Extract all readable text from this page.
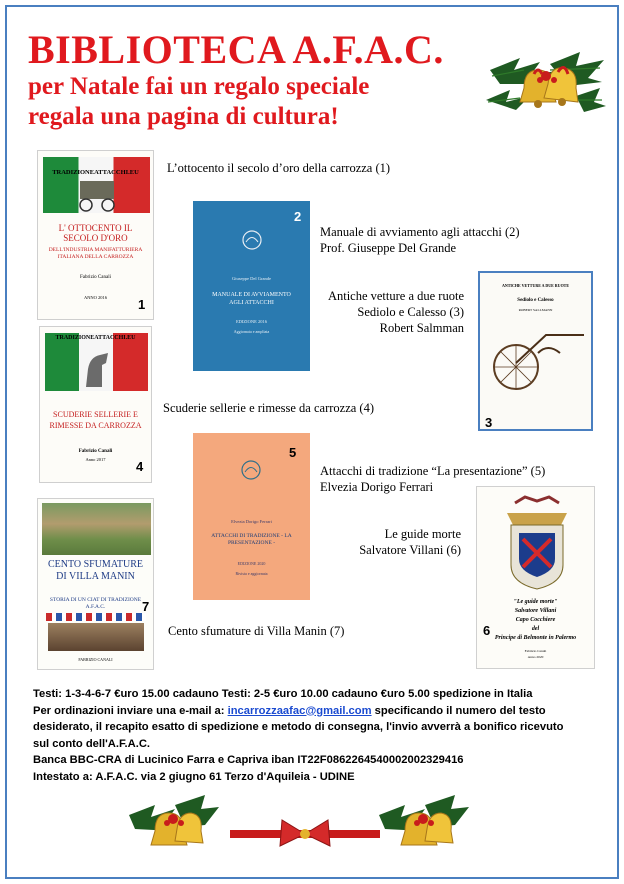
BIBLIOTECA A.F.A.C.
per Natale fai un regalo speciale
regala una pagina di cultura!
TRADIZIONEATTACCHI.EU
L' OTTOCENTO IL SECOLO D'ORO
DELL'INDUSTRIA MANIFATTURIERA ITALIANA DELLA CARROZZA
Fabrizio Canali
ANNO 2016	1
L’ottocento il secolo d’oro della carrozza (1)
2
Giuseppe Del Grande
MANUALE DI AVVIAMENTO AGLI ATTACCHI
EDIZIONE 2016
Aggiornata e ampliata
Manuale di avviamento agli attacchi (2)
Prof. Giuseppe Del Grande
Antiche vetture a due ruote
Sediolo e Calesso (3)
Robert Salmman
ANTICHE VETTURE A DUE RUOTE
Sediolo e Calesso
ROBERT SALLMANN
3
TRADIZIONEATTACCHI.EU
SCUDERIE SELLERIE E RIMESSE DA CARROZZA
Fabrizio Canali
Anno 2017	4
Scuderie sellerie e rimesse da carrozza (4)
5
Elvezia Dorigo Ferrari
ATTACCHI DI TRADIZIONE - LA PRESENTAZIONE -
EDIZIONE 2020
Rivista e aggiornata
Attacchi di tradizione “La presentazione” (5)
Elvezia Dorigo Ferrari
Le guide morte
Salvatore Villani (6)
"Le guide morte"
Salvatore Villani
Capo Cocchiere
del
Principe di Belmonte in Palermo
Fabrizio Canali
Anno 2020
6
CENTO SFUMATURE DI VILLA MANIN
STORIA DI UN CIAT DI TRADIZIONE A.F.A.C.
FABRIZIO CANALI
7
Cento sfumature di Villa Manin (7)

Testi: 1-3-4-6-7 €uro 15.00 cadauno Testi: 2-5 €uro 10.00 cadauno €uro 5.00 spedizione in Italia

Per ordinazioni inviare una e-mail a: incarrozzaafac@gmail.com specificando il numero del testo

desiderato, il recapito esatto di spedizione e metodo di consegna, l'invio avverrà a bonifico ricevuto

sul conto dell'A.F.A.C.

Banca BBC-CRA di Lucinico Farra e Capriva iban IT22F0862264540002002329416

Intestato a: A.F.A.C. via 2 giugno 61 Terzo d'Aquileia - UDINE
